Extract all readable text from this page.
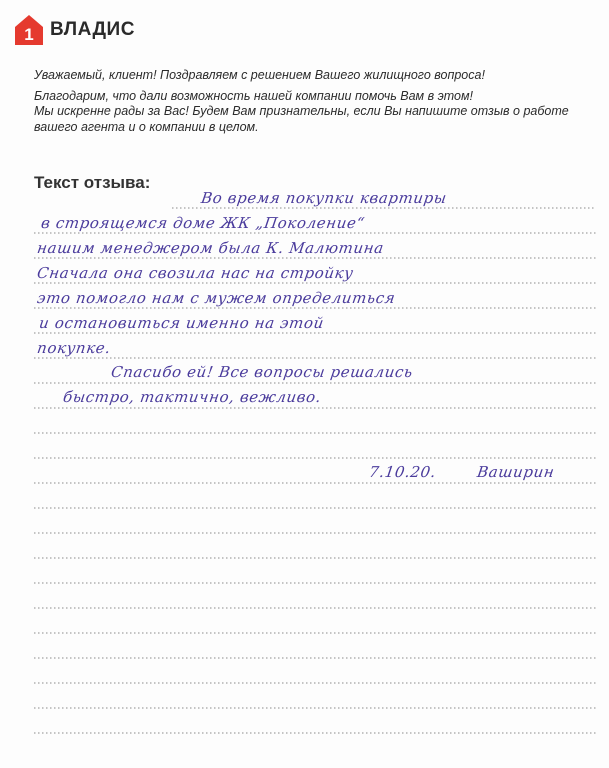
1 ВЛАДИС

Уважаемый, клиент! Поздравляем с решением Вашего жилищного вопроса!

Благодарим, что дали возможность нашей компании помочь Вам в этом!

Мы искренне рады за Вас! Будем Вам признательны, если Вы напишите отзыв о работе

вашего агента и о компании в целом.

Текст отзыва:
Во время покупки квартиры
в строящемся доме ЖК „Поколение“
нашим менеджером была К. Малютина
Сначала она свозила нас на стройку
это помогло нам с мужем определиться
и остановиться именно на этой
покупке.
Спасибо ей! Все вопросы решались
быстро, тактично, вежливо.
7.10.20.	Ваширин
